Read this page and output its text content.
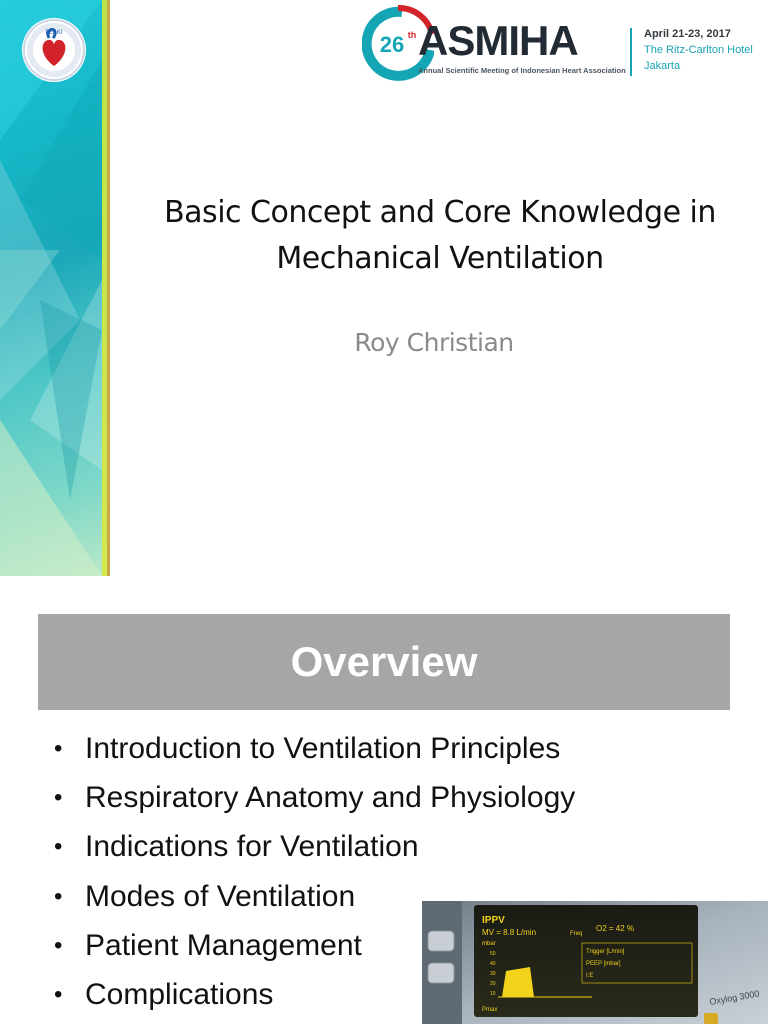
PERKI	26 th ASMIHA
Annual Scientific Meeting of Indonesian Heart Association
April 21-23, 2017
The Ritz-Carlton Hotel
Jakarta
Basic Concept and Core Knowledge in
Mechanical Ventilation
Roy Christian
Overview
• Introduction to Ventilation Principles
• Respiratory Anatomy and Physiology
• Indications for Ventilation
• Modes of Ventilation
• Patient Management
• Complications
IPPV
MV = 8.8 L/min
mbar
50
40
30
20
10
Pmax
Freq
O2 = 42 %
Trigger [L/min]
PEEP [mbar]
I:E
Oxylog 3000
